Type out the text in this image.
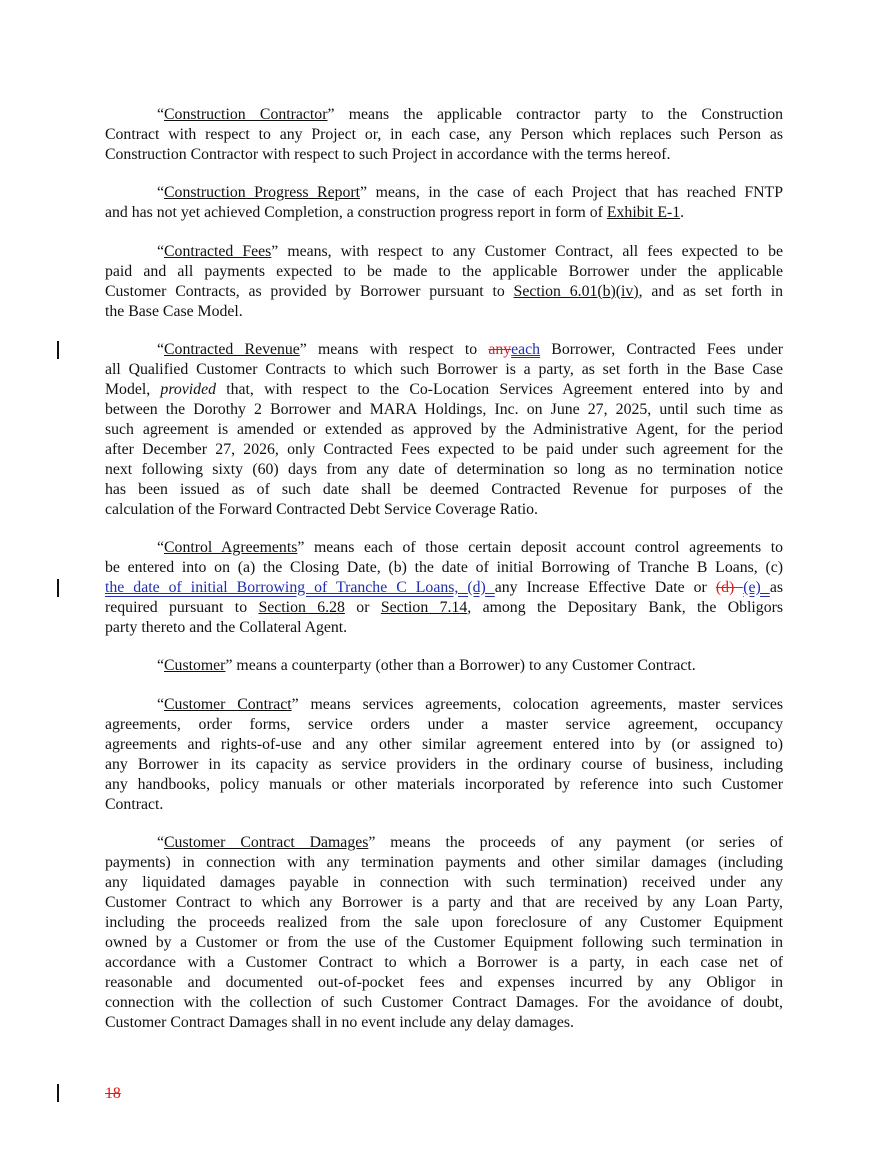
“Construction Contractor” means the applicable contractor party to the Construction
Contract with respect to any Project or, in each case, any Person which replaces such Person as
Construction Contractor with respect to such Project in accordance with the terms hereof.
“Construction Progress Report” means, in the case of each Project that has reached FNTP
and has not yet achieved Completion, a construction progress report in form of Exhibit E-1.
“Contracted Fees” means, with respect to any Customer Contract, all fees expected to be
paid and all payments expected to be made to the applicable Borrower under the applicable
Customer Contracts, as provided by Borrower pursuant to Section 6.01(b)(iv), and as set forth in
the Base Case Model.
“Contracted Revenue” means with respect to anyeach Borrower, Contracted Fees under
all Qualified Customer Contracts to which such Borrower is a party, as set forth in the Base Case
Model, provided that, with respect to the Co-Location Services Agreement entered into by and
between the Dorothy 2 Borrower and MARA Holdings, Inc. on June 27, 2025, until such time as
such agreement is amended or extended as approved by the Administrative Agent, for the period
after December 27, 2026, only Contracted Fees expected to be paid under such agreement for the
next following sixty (60) days from any date of determination so long as no termination notice
has been issued as of such date shall be deemed Contracted Revenue for purposes of the
calculation of the Forward Contracted Debt Service Coverage Ratio.
“Control Agreements” means each of those certain deposit account control agreements to
be entered into on (a) the Closing Date, (b) the date of initial Borrowing of Tranche B Loans, (c)
the date of initial Borrowing of Tranche C Loans, (d) any Increase Effective Date or (d) (e) as
required pursuant to Section 6.28 or Section 7.14, among the Depositary Bank, the Obligors
party thereto and the Collateral Agent.
“Customer” means a counterparty (other than a Borrower) to any Customer Contract.
“Customer Contract” means services agreements, colocation agreements, master services
agreements, order forms, service orders under a master service agreement, occupancy
agreements and rights-of-use and any other similar agreement entered into by (or assigned to)
any Borrower in its capacity as service providers in the ordinary course of business, including
any handbooks, policy manuals or other materials incorporated by reference into such Customer
Contract.
“Customer Contract Damages” means the proceeds of any payment (or series of
payments) in connection with any termination payments and other similar damages (including
any liquidated damages payable in connection with such termination) received under any
Customer Contract to which any Borrower is a party and that are received by any Loan Party,
including the proceeds realized from the sale upon foreclosure of any Customer Equipment
owned by a Customer or from the use of the Customer Equipment following such termination in
accordance with a Customer Contract to which a Borrower is a party, in each case net of
reasonable and documented out-of-pocket fees and expenses incurred by any Obligor in
connection with the collection of such Customer Contract Damages. For the avoidance of doubt,
Customer Contract Damages shall in no event include any delay damages.
18
